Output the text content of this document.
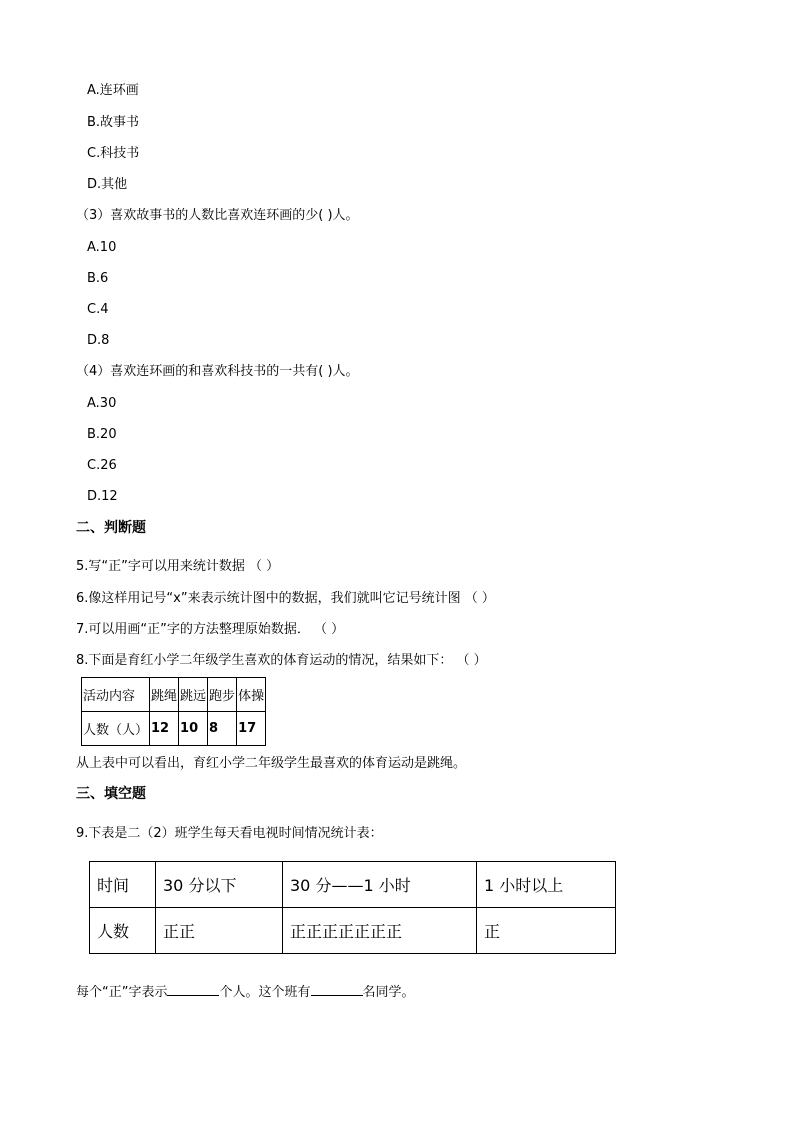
A.连环画
B.故事书
C.科技书
D.其他
（3）喜欢故事书的人数比喜欢连环画的少( )人。
A.10
B.6
C.4
D.8
（4）喜欢连环画的和喜欢科技书的一共有( )人。
A.30
B.20
C.26
D.12
二、判断题
5.写“正”字可以用来统计数据 （ ）
6.像这样用记号“x”来表示统计图中的数据，我们就叫它记号统计图 （ ）
7.可以用画“正”字的方法整理原始数据． （ ）
8.下面是育红小学二年级学生喜欢的体育运动的情况，结果如下： （ ）
活动内容	跳绳	跳远	跑步	体操
人数（人）	12	10	8	17
从上表中可以看出，育红小学二年级学生最喜欢的体育运动是跳绳。
三、填空题
9.下表是二（2）班学生每天看电视时间情况统计表：
时间	30 分以下	30 分——1 小时	1 小时以上
人数	正正	正正正正正正正	正
每个“正”字表示	个人。这个班有	名同学。
